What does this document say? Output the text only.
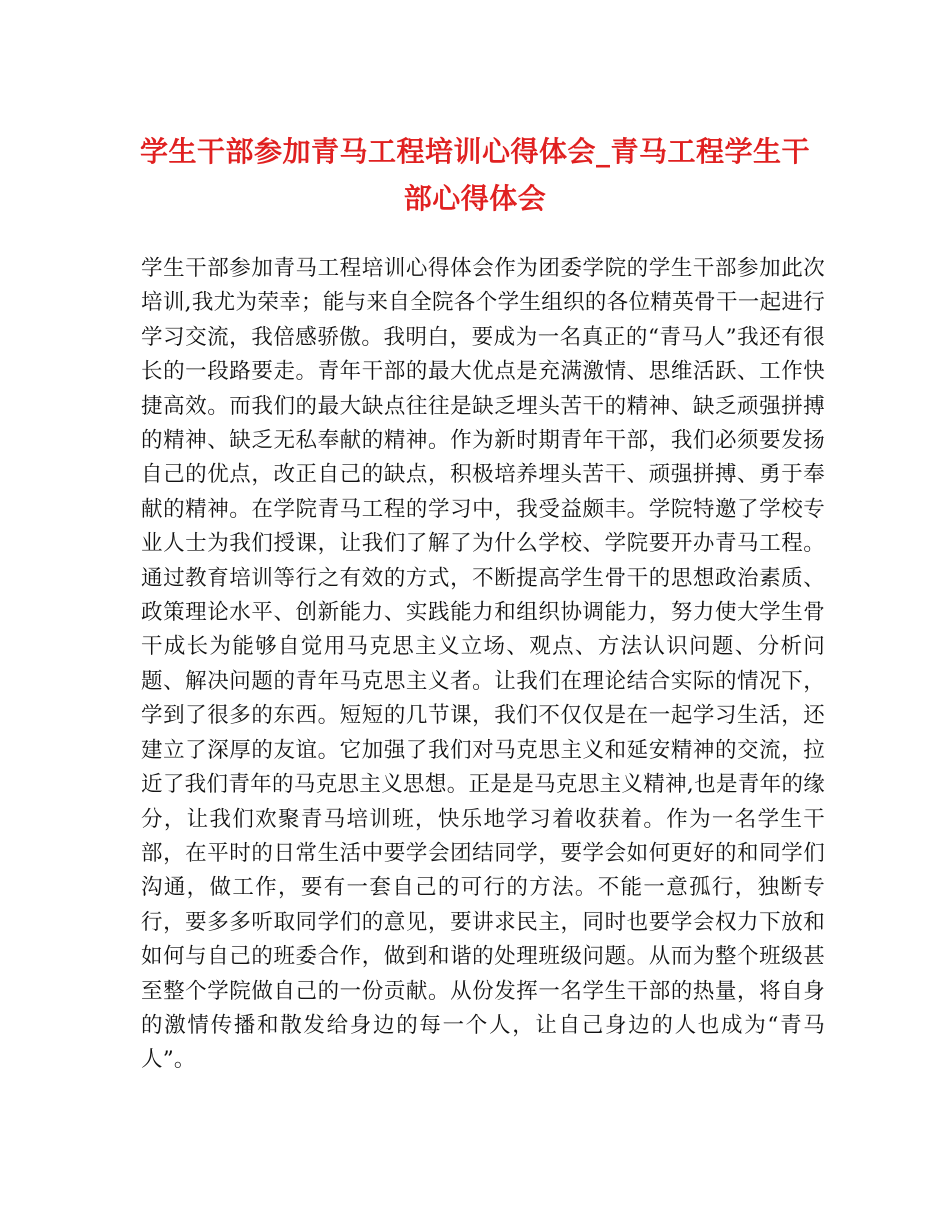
学生干部参加青马工程培训心得体会_青马工程学生干部心得体会

学生干部参加青马工程培训心得体会作为团委学院的学生干部参加此次培训,我尤为荣幸；能与来自全院各个学生组织的各位精英骨干一起进行学习交流，我倍感骄傲。我明白，要成为一名真正的“青马人”我还有很长的一段路要走。青年干部的最大优点是充满激情、思维活跃、工作快捷高效。而我们的最大缺点往往是缺乏埋头苦干的精神、缺乏顽强拼搏的精神、缺乏无私奉献的精神。作为新时期青年干部，我们必须要发扬自己的优点，改正自己的缺点，积极培养埋头苦干、顽强拼搏、勇于奉献的精神。在学院青马工程的学习中，我受益颇丰。学院特邀了学校专业人士为我们授课，让我们了解了为什么学校、学院要开办青马工程。通过教育培训等行之有效的方式，不断提高学生骨干的思想政治素质、政策理论水平、创新能力、实践能力和组织协调能力，努力使大学生骨干成长为能够自觉用马克思主义立场、观点、方法认识问题、分析问题、解决问题的青年马克思主义者。让我们在理论结合实际的情况下，学到了很多的东西。短短的几节课，我们不仅仅是在一起学习生活，还建立了深厚的友谊。它加强了我们对马克思主义和延安精神的交流，拉近了我们青年的马克思主义思想。正是是马克思主义精神,也是青年的缘分，让我们欢聚青马培训班，快乐地学习着收获着。作为一名学生干部，在平时的日常生活中要学会团结同学，要学会如何更好的和同学们沟通，做工作，要有一套自己的可行的方法。不能一意孤行，独断专行，要多多听取同学们的意见，要讲求民主，同时也要学会权力下放和如何与自己的班委合作，做到和谐的处理班级问题。从而为整个班级甚至整个学院做自己的一份贡献。从份发挥一名学生干部的热量，将自身的激情传播和散发给身边的每一个人，让自己身边的人也成为“青马人”。
